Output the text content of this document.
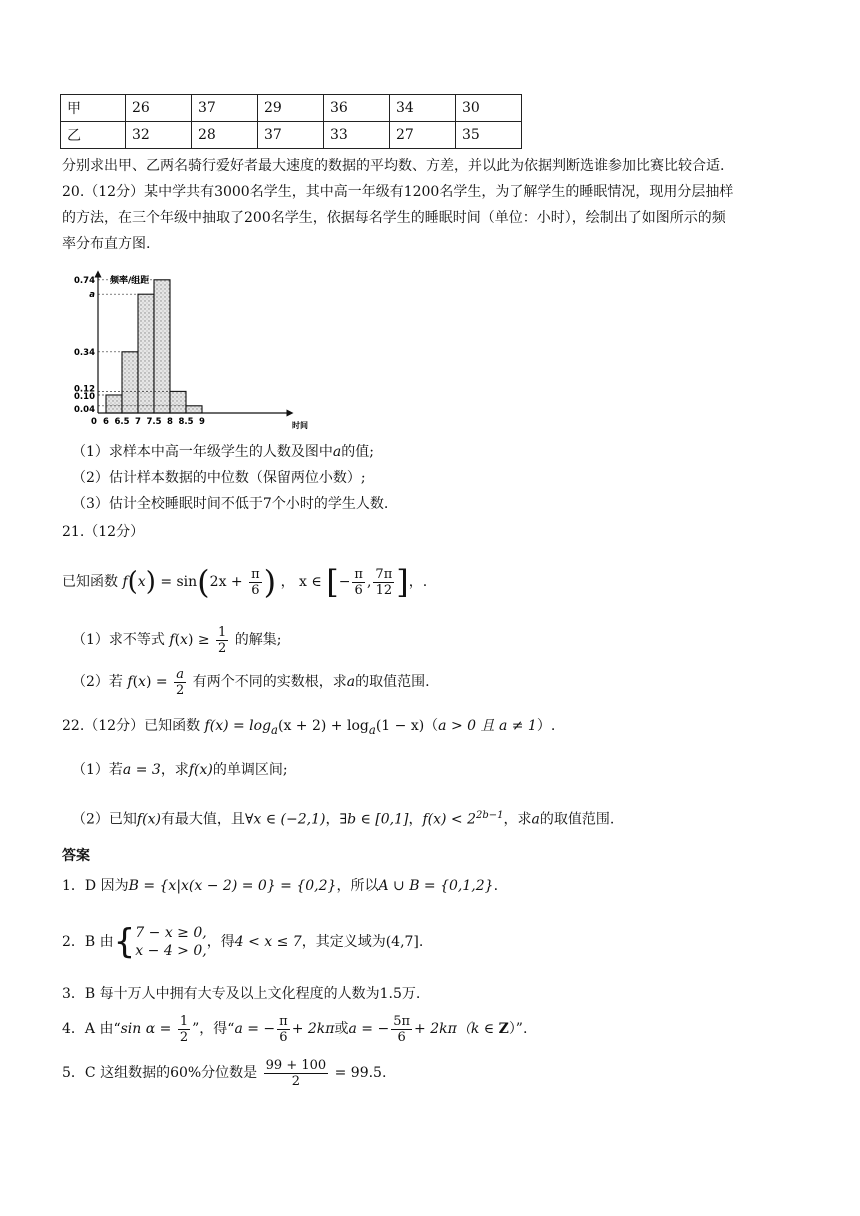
甲	26	37	29	36	34	30
乙	32	28	37	33	27	35
分别求出甲、乙两名骑行爱好者最大速度的数据的平均数、方差，并以此为依据判断选谁参加比赛比较合适.
20.（12分）某中学共有3000名学生，其中高一年级有1200名学生，为了解学生的睡眠情况，现用分层抽样
的方法，在三个年级中抽取了200名学生，依据每名学生的睡眠时间（单位：小时），绘制出了如图所示的频
率分布直方图.
频率/组距
时间
0.04
0.10
0.12
0.34
a
0.74
0 6 6.5 7 7.5 8 8.5 9
（1）求样本中高一年级学生的人数及图中a的值;
（2）估计样本数据的中位数（保留两位小数）;
（3）估计全校睡眠时间不低于7个小时的学生人数.
21.（12分）
已知函数 $f(x) = \sin(2x + \frac{\pi}{6}$ ) ， x ∈ [− $\frac{\pi}{6}$ , $\frac{7\pi}{12}$ ]，.
（1）求不等式 $f(x) \ge \frac{1}{2}$ 的解集;
（2）若 $f(x) = \frac{a}{2}$ 有两个不同的实数根，求a的取值范围.
22.（12分）已知函数 $f(x) = \log_a(x + 2) + \log_a(1 - x)(a > 0$ 且 a ≠ 1）.
（1）若a = 3，求f(x)的单调区间;
（2）已知f(x)有最大值，且∀x ∈ (−2,1)，∃b ∈ [0,1]，$f(x) < 2^{2b-1}$，求a的取值范围.
答案
1．D 因为B = {x|x(x − 2) = 0} = {0,2}，所以A ∪ B = {0,1,2}.
2．B 由{ 7 − x ≥ 0,
x − 4 > 0,
，得4 < x ≤ 7，其定义域为(4,7].
3．B 每十万人中拥有大专及以上文化程度的人数为1.5万.
4．A 由“sin $\alpha = \frac{1}{2}$ ”，得“a = − $\frac{\pi}{6} + 2k\pi$或a = − $\frac{5\pi}{6} + 2k\pi(k$ ∈ Z）”.
5．C 这组数据的60%分位数是 $\frac{99 + 100}{2} = 99.5$.
